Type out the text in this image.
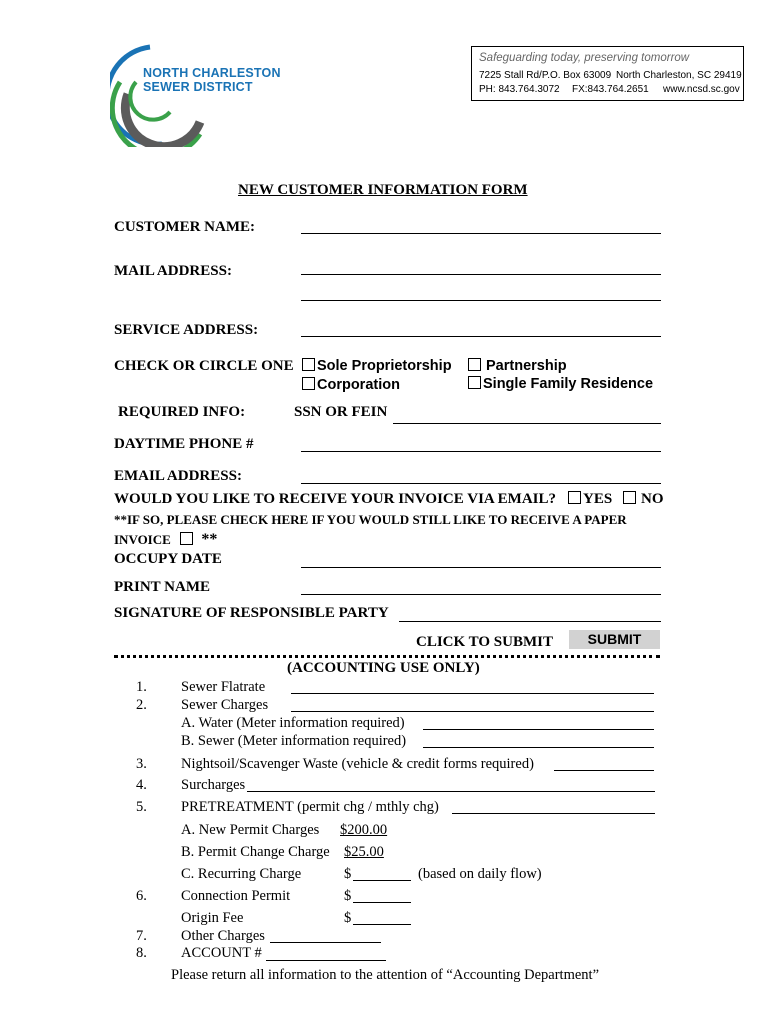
NORTH CHARLESTON
SEWER DISTRICT
Safeguarding today, preserving tomorrow
7225 Stall Rd/P.O. Box 63009 North Charleston, SC 29419
PH: 843.764.3072 FX:843.764.2651 www.ncsd.sc.gov
NEW CUSTOMER INFORMATION FORM
CUSTOMER NAME:
MAIL ADDRESS:
SERVICE ADDRESS:
CHECK OR CIRCLE ONE	Sole Proprietorship	Partnership
Corporation	Single Family Residence
REQUIRED INFO:	SSN OR FEIN
DAYTIME PHONE #
EMAIL ADDRESS:
WOULD YOU LIKE TO RECEIVE YOUR INVOICE VIA EMAIL?	YES	NO
**IF SO, PLEASE CHECK HERE IF YOU WOULD STILL LIKE TO RECEIVE A PAPER
INVOICE **
OCCUPY DATE
PRINT NAME
SIGNATURE OF RESPONSIBLE PARTY
CLICK TO SUBMIT	SUBMIT
(ACCOUNTING USE ONLY)
1. Sewer Flatrate
2. Sewer Charges
A. Water (Meter information required)
B. Sewer (Meter information required)
3. Nightsoil/Scavenger Waste (vehicle & credit forms required)
4. Surcharges
5. PRETREATMENT (permit chg / mthly chg)
A. New Permit Charges $200.00
B. Permit Change Charge $25.00
C. Recurring Charge	$	(based on daily flow)
6. Connection Permit	$
Origin Fee	$
7. Other Charges
8. ACCOUNT #
Please return all information to the attention of “Accounting Department”
